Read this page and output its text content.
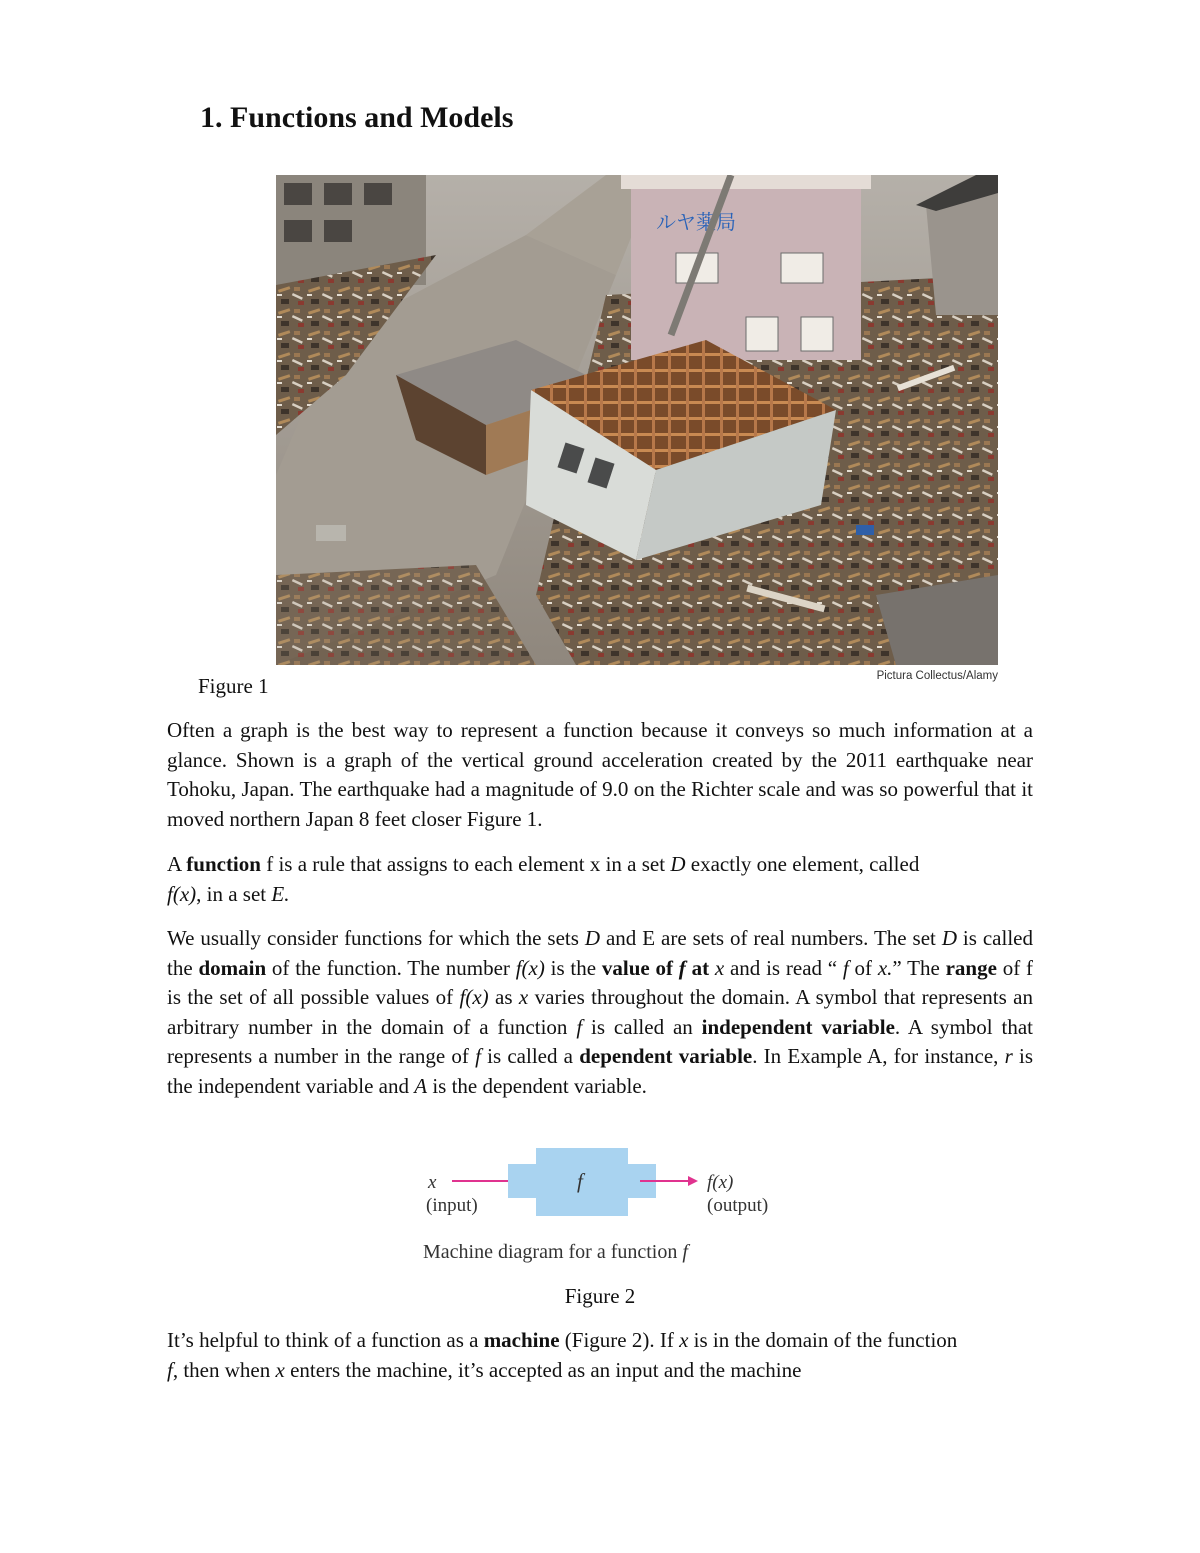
1. Functions and Models
ルヤ薬局
Pictura Collectus/Alamy
Figure 1

Often a graph is the best way to represent a function because it conveys so much information at a glance. Shown is a graph of the vertical ground acceleration created by the 2011 earthquake near Tohoku, Japan. The earthquake had a magnitude of 9.0 on the Richter scale and was so powerful that it moved northern Japan 8 feet closer Figure 1.

A function f is a rule that assigns to each element x in a set D exactly one element, called
f(x), in a set E.

We usually consider functions for which the sets D and E are sets of real numbers. The set D is called the domain of the function. The number f(x) is the value of f at x and is read “ f of x.” The range of f is the set of all possible values of f(x) as x varies throughout the domain. A symbol that represents an arbitrary number in the domain of a function f is called an independent variable. A symbol that represents a number in the range of f is called a dependent variable. In Example A, for instance, r is the independent variable and A is the dependent variable.

x
(input)
f	f(x)
(output)
Machine diagram for a function f
Figure 2

It’s helpful to think of a function as a machine (Figure 2). If x is in the domain of the function
f, then when x enters the machine, it’s accepted as an input and the machine
